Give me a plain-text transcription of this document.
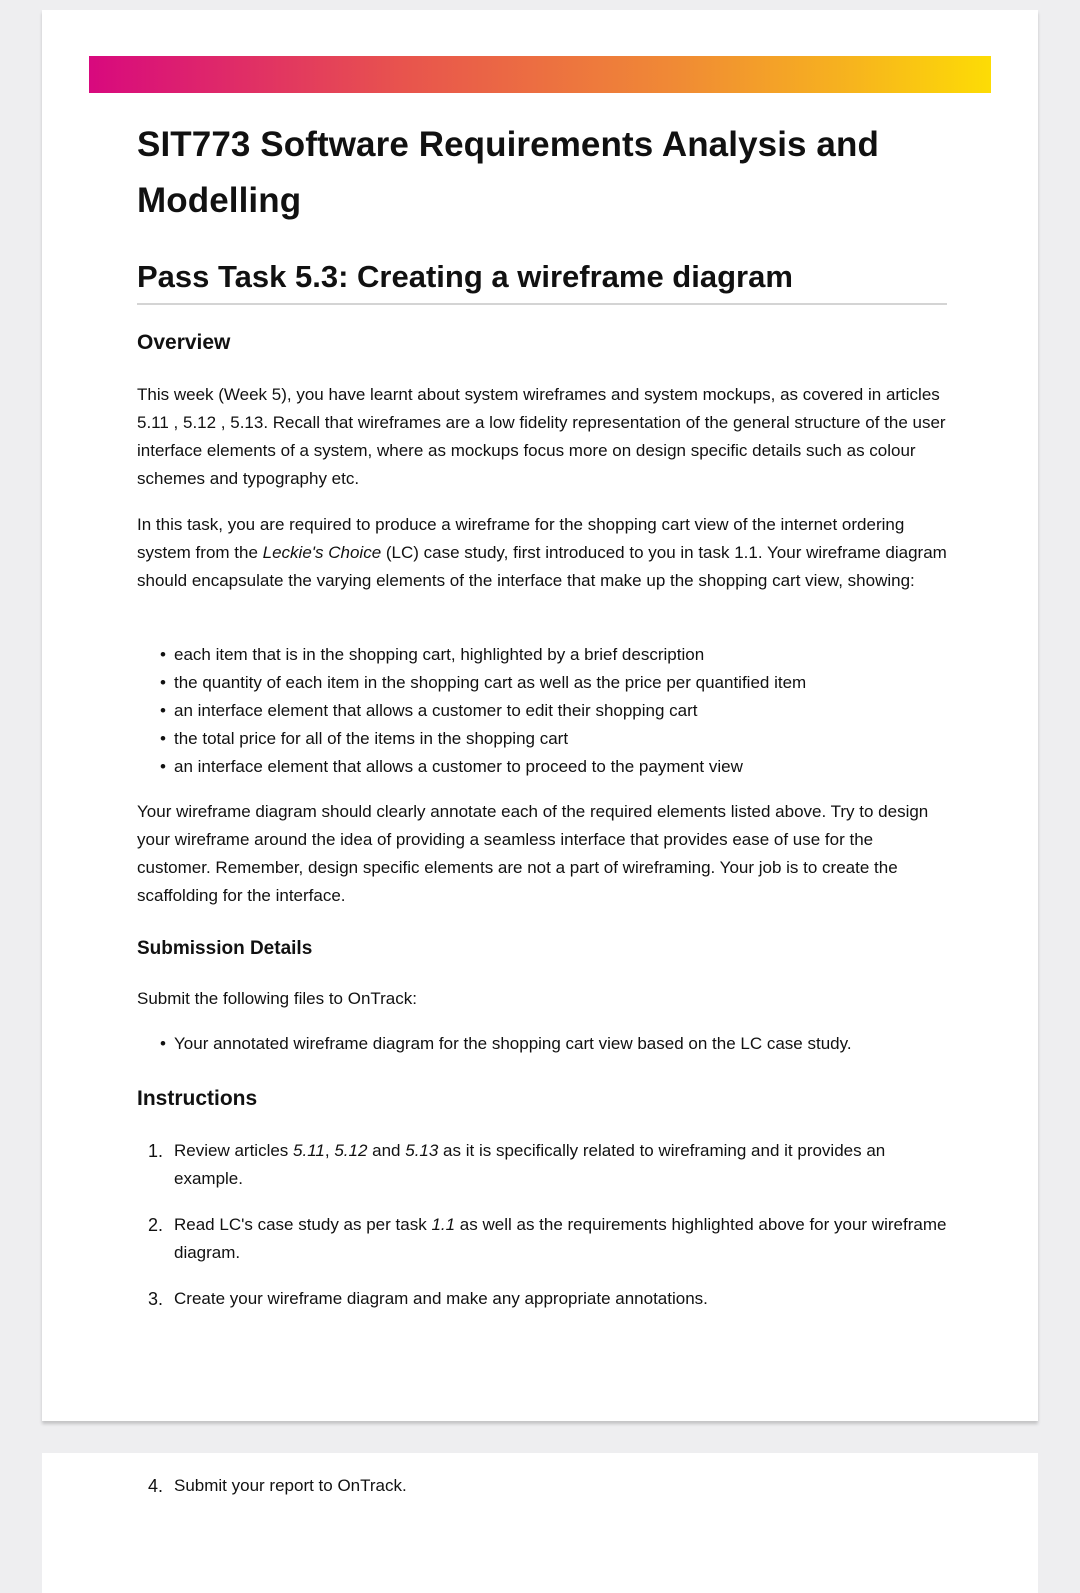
SIT773 Software Requirements Analysis and Modelling
Pass Task 5.3: Creating a wireframe diagram
Overview

This week (Week 5), you have learnt about system wireframes and system mockups, as covered in articles 5.11 , 5.12 , 5.13. Recall that wireframes are a low fidelity representation of the general structure of the user interface elements of a system, where as mockups focus more on design specific details such as colour schemes and typography etc.

In this task, you are required to produce a wireframe for the shopping cart view of the internet ordering system from the Leckie's Choice (LC) case study, first introduced to you in task 1.1. Your wireframe diagram should encapsulate the varying elements of the interface that make up the shopping cart view, showing:

• each item that is in the shopping cart, highlighted by a brief description
• the quantity of each item in the shopping cart as well as the price per quantified item
• an interface element that allows a customer to edit their shopping cart
• the total price for all of the items in the shopping cart
• an interface element that allows a customer to proceed to the payment view

Your wireframe diagram should clearly annotate each of the required elements listed above. Try to design your wireframe around the idea of providing a seamless interface that provides ease of use for the customer. Remember, design specific elements are not a part of wireframing. Your job is to create the scaffolding for the interface.

Submission Details

Submit the following files to OnTrack:

• Your annotated wireframe diagram for the shopping cart view based on the LC case study.
Instructions
1. Review articles 5.11, 5.12 and 5.13 as it is specifically related to wireframing and it provides an example.
2. Read LC's case study as per task 1.1 as well as the requirements highlighted above for your wireframe diagram.
3. Create your wireframe diagram and make any appropriate annotations.
4. Submit your report to OnTrack.
